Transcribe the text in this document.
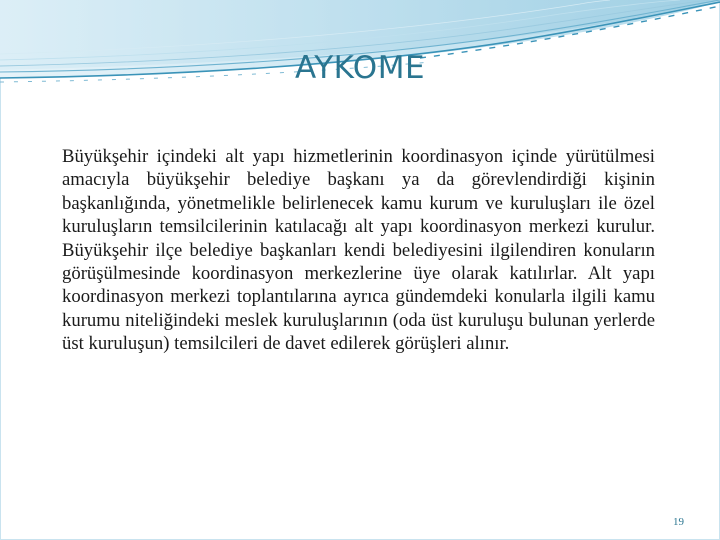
AYKOME

Büyükşehir içindeki alt yapı hizmetlerinin koordinasyon içinde yürütülmesi amacıyla büyükşehir belediye başkanı ya da görevlendirdiği kişinin başkanlığında, yönetmelikle belirlenecek kamu kurum ve kuruluşları ile özel kuruluşların temsilcilerinin katılacağı alt yapı koordinasyon merkezi kurulur. Büyükşehir ilçe belediye başkanları kendi belediyesini ilgilendiren konuların görüşülmesinde koordinasyon merkezlerine üye olarak katılırlar. Alt yapı koordinasyon merkezi toplantılarına ayrıca gündemdeki konularla ilgili kamu kurumu niteliğindeki meslek kuruluşlarının (oda üst kuruluşu bulunan yerlerde üst kuruluşun) temsilcileri de davet edilerek görüşleri alınır.

19
